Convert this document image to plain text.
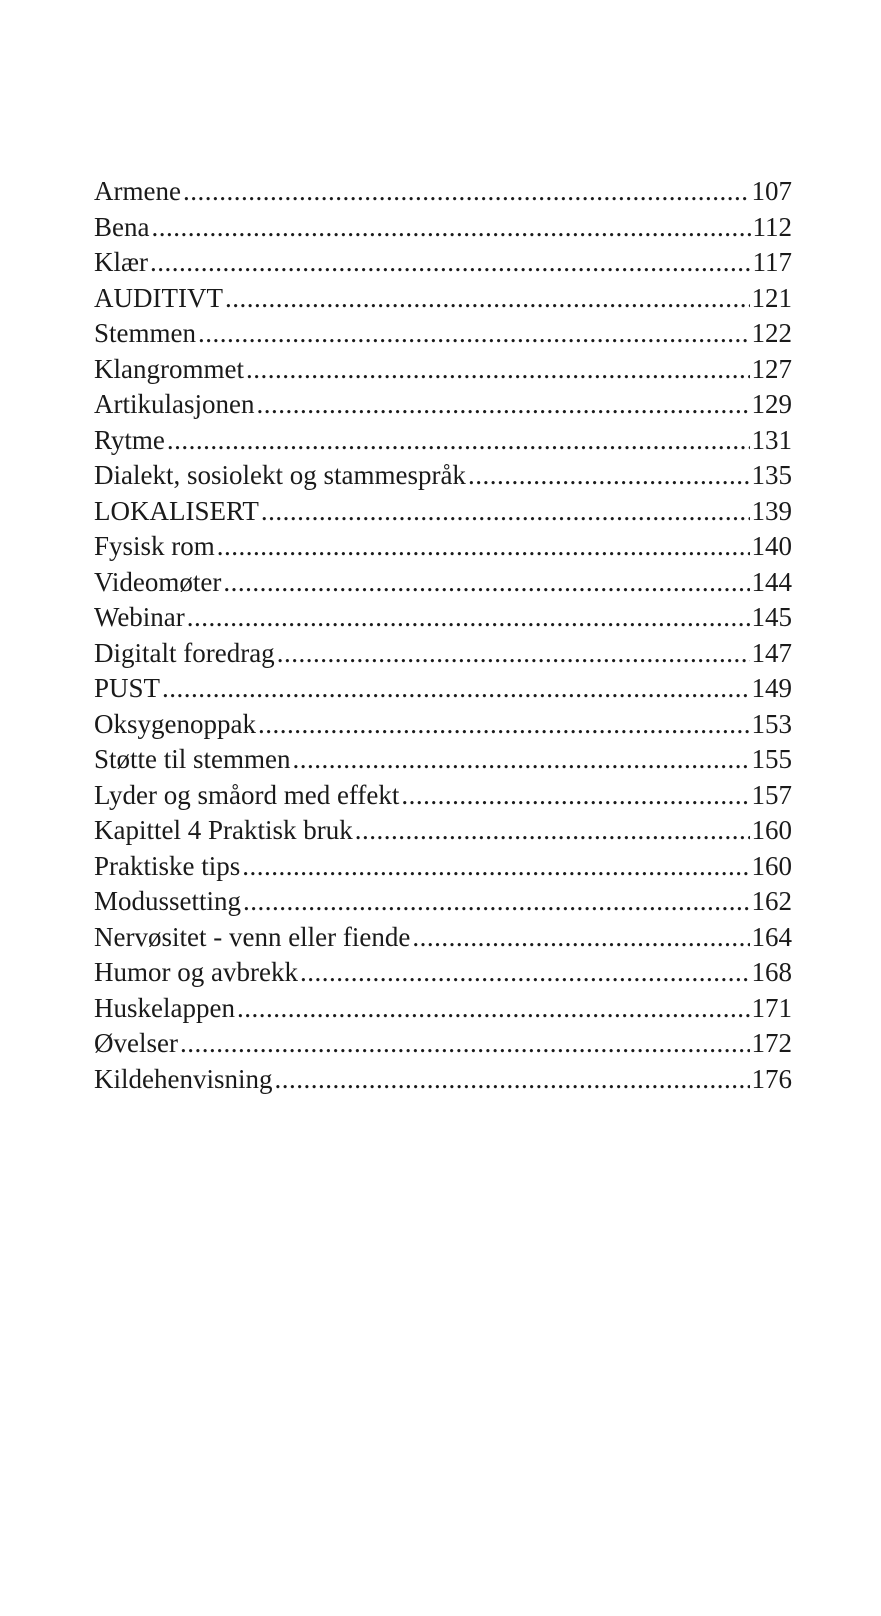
Armene .....	107
Bena .....	112
Klær .....	117
AUDITIVT .....	121
Stemmen .....	122
Klangrommet .....	127
Artikulasjonen .....	129
Rytme .....	131
Dialekt, sosiolekt og stammespråk .....	135
LOKALISERT .....	139
Fysisk rom .....	140
Videomøter .....	144
Webinar .....	145
Digitalt foredrag .....	147
PUST .....	149
Oksygenoppak .....	153
Støtte til stemmen .....	155
Lyder og småord med effekt .....	157
Kapittel 4 Praktisk bruk .....	160
Praktiske tips .....	160
Modussetting .....	162
Nervøsitet - venn eller fiende .....	164
Humor og avbrekk .....	168
Huskelappen .....	171
Øvelser .....	172
Kildehenvisning .....	176
